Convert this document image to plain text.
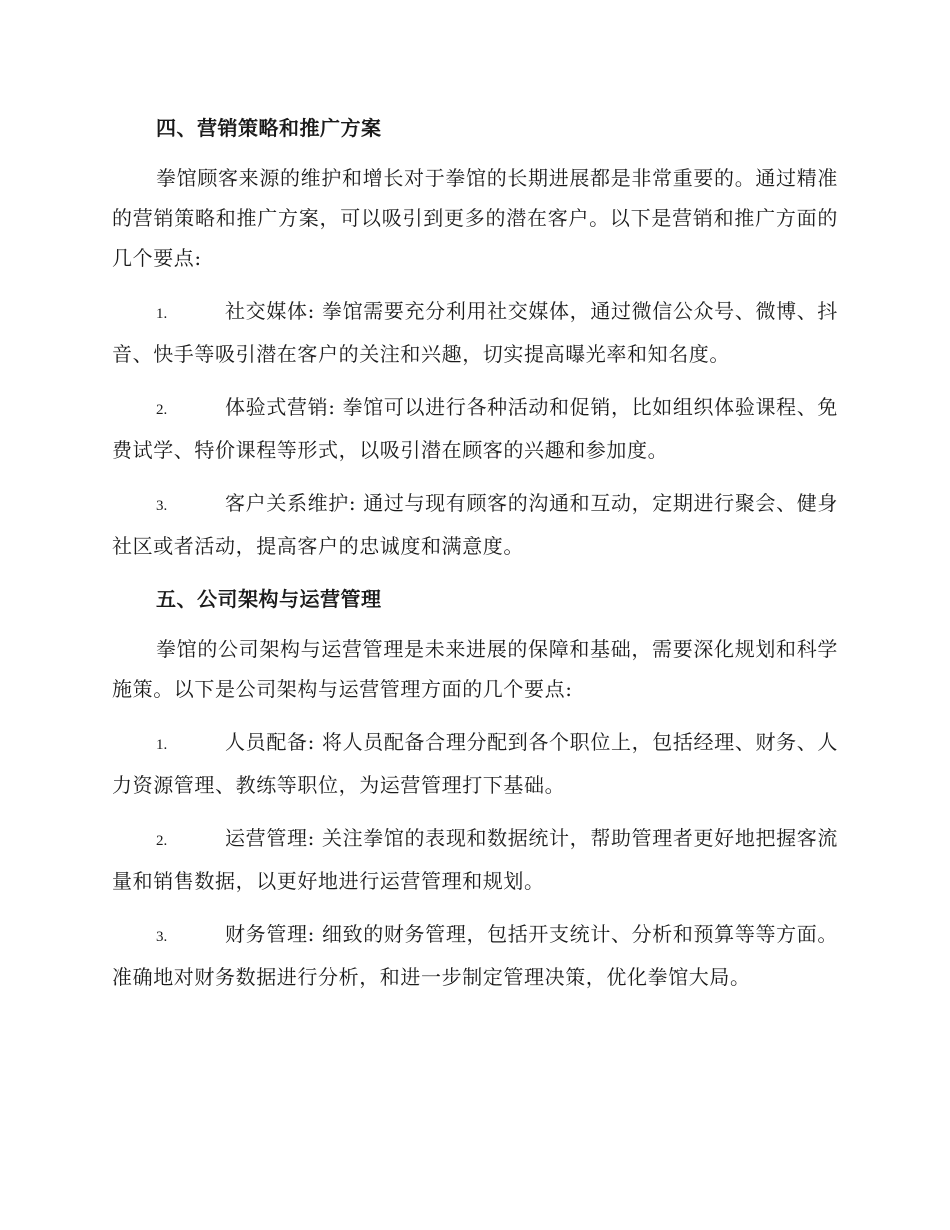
四、营销策略和推广方案

拳馆顾客来源的维护和增长对于拳馆的长期进展都是非常重要的。通过精准的营销策略和推广方案，可以吸引到更多的潜在客户。以下是营销和推广方面的几个要点:

1.	社交媒体: 拳馆需要充分利用社交媒体，通过微信公众号、微博、抖音、快手等吸引潜在客户的关注和兴趣，切实提高曝光率和知名度。

2.	体验式营销: 拳馆可以进行各种活动和促销，比如组织体验课程、免费试学、特价课程等形式，以吸引潜在顾客的兴趣和参加度。

3.	客户关系维护: 通过与现有顾客的沟通和互动，定期进行聚会、健身社区或者活动，提高客户的忠诚度和满意度。

五、公司架构与运营管理

拳馆的公司架构与运营管理是未来进展的保障和基础，需要深化规划和科学施策。以下是公司架构与运营管理方面的几个要点:

1.	人员配备: 将人员配备合理分配到各个职位上，包括经理、财务、人力资源管理、教练等职位，为运营管理打下基础。

2.	运营管理: 关注拳馆的表现和数据统计，帮助管理者更好地把握客流量和销售数据，以更好地进行运营管理和规划。

3.	财务管理: 细致的财务管理，包括开支统计、分析和预算等等方面。准确地对财务数据进行分析，和进一步制定管理决策，优化拳馆大局。
